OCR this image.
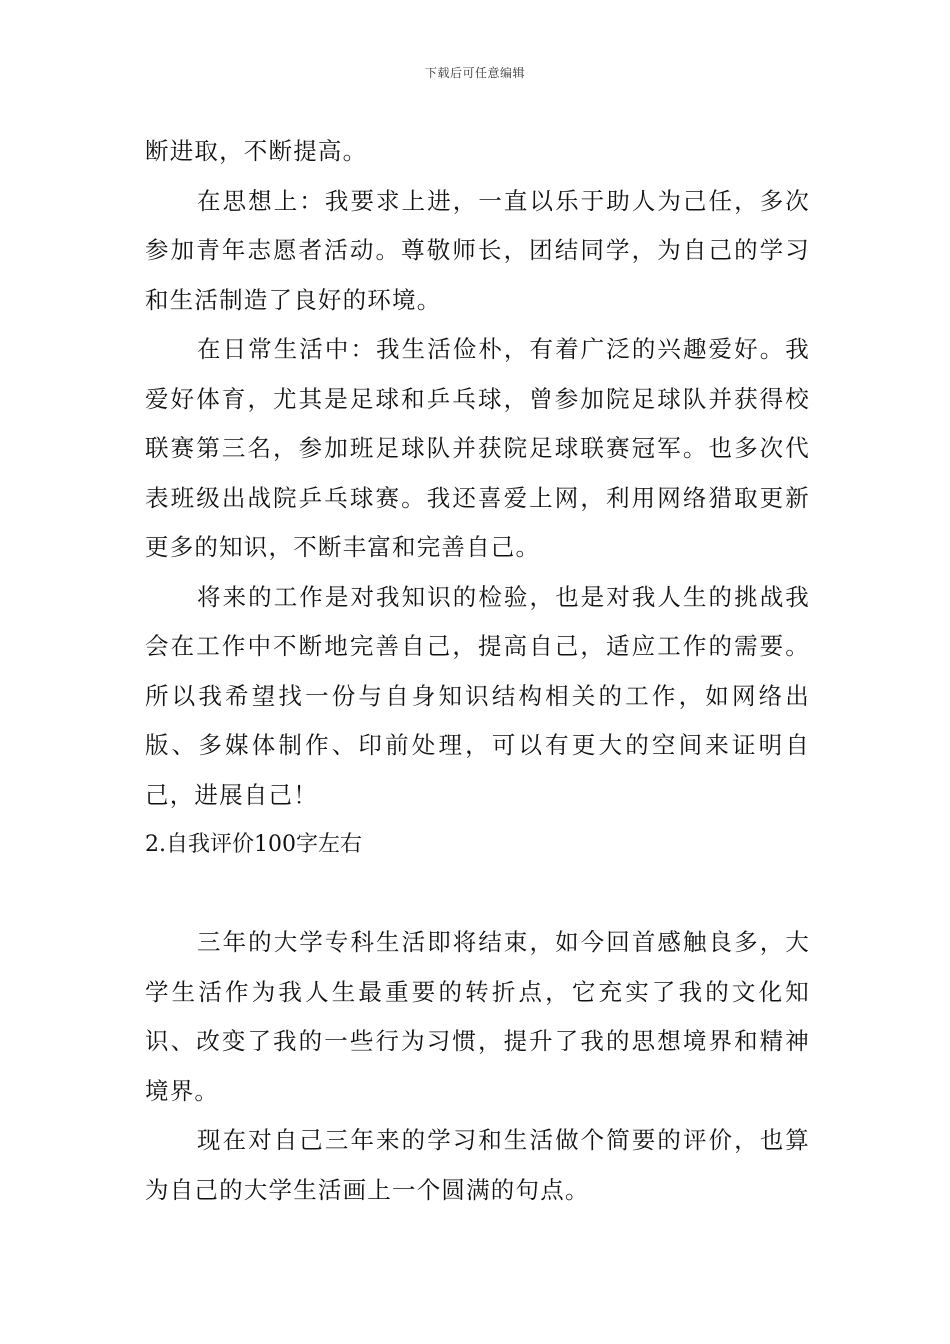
下载后可任意编辑

断进取，不断提高。

在思想上：我要求上进，一直以乐于助人为己任，多次参加青年志愿者活动。尊敬师长，团结同学，为自己的学习和生活制造了良好的环境。

在日常生活中：我生活俭朴，有着广泛的兴趣爱好。我爱好体育，尤其是足球和乒乓球，曾参加院足球队并获得校联赛第三名，参加班足球队并获院足球联赛冠军。也多次代表班级出战院乒乓球赛。我还喜爱上网，利用网络猎取更新更多的知识，不断丰富和完善自己。

将来的工作是对我知识的检验，也是对我人生的挑战我会在工作中不断地完善自己，提高自己，适应工作的需要。所以我希望找一份与自身知识结构相关的工作，如网络出版、多媒体制作、印前处理，可以有更大的空间来证明自己，进展自己！

2.自我评价100字左右

三年的大学专科生活即将结束，如今回首感触良多，大学生活作为我人生最重要的转折点，它充实了我的文化知识、改变了我的一些行为习惯，提升了我的思想境界和精神境界。

现在对自己三年来的学习和生活做个简要的评价，也算为自己的大学生活画上一个圆满的句点。
